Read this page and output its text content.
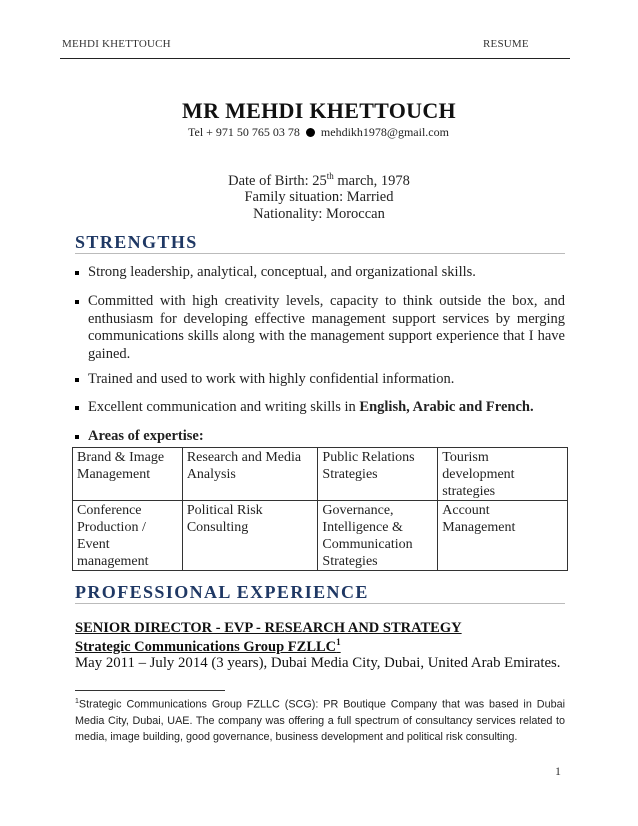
MEHDI KHETTOUCH	RESUME
MR MEHDI KHETTOUCH
Tel + 971 50 765 03 78 mehdikh1978@gmail.com
Date of Birth: 25th march, 1978
Family situation: Married
Nationality: Moroccan
STRENGTHS
Strong leadership, analytical, conceptual, and organizational skills.
Committed with high creativity levels, capacity to think outside the box, and enthusiasm for developing effective management support services by merging communications skills along with the management support experience that I have gained.
Trained and used to work with highly confidential information.
Excellent communication and writing skills in English, Arabic and French.
Areas of expertise:
Brand & Image Management	Research and Media Analysis	Public Relations Strategies	Tourism development strategies
Conference Production / Event management	Political Risk Consulting	Governance, Intelligence & Communication Strategies	Account Management
PROFESSIONAL EXPERIENCE
SENIOR DIRECTOR - EVP - RESEARCH AND STRATEGY
Strategic Communications Group FZLLC$^1$
May 2011 – July 2014 (3 years), Dubai Media City, Dubai, United Arab Emirates.
$^1$Strategic Communications Group FZLLC (SCG): PR Boutique Company that was based in Dubai Media City, Dubai, UAE. The company was offering a full spectrum of consultancy services related to media, image building, good governance, business development and political risk consulting.
1
